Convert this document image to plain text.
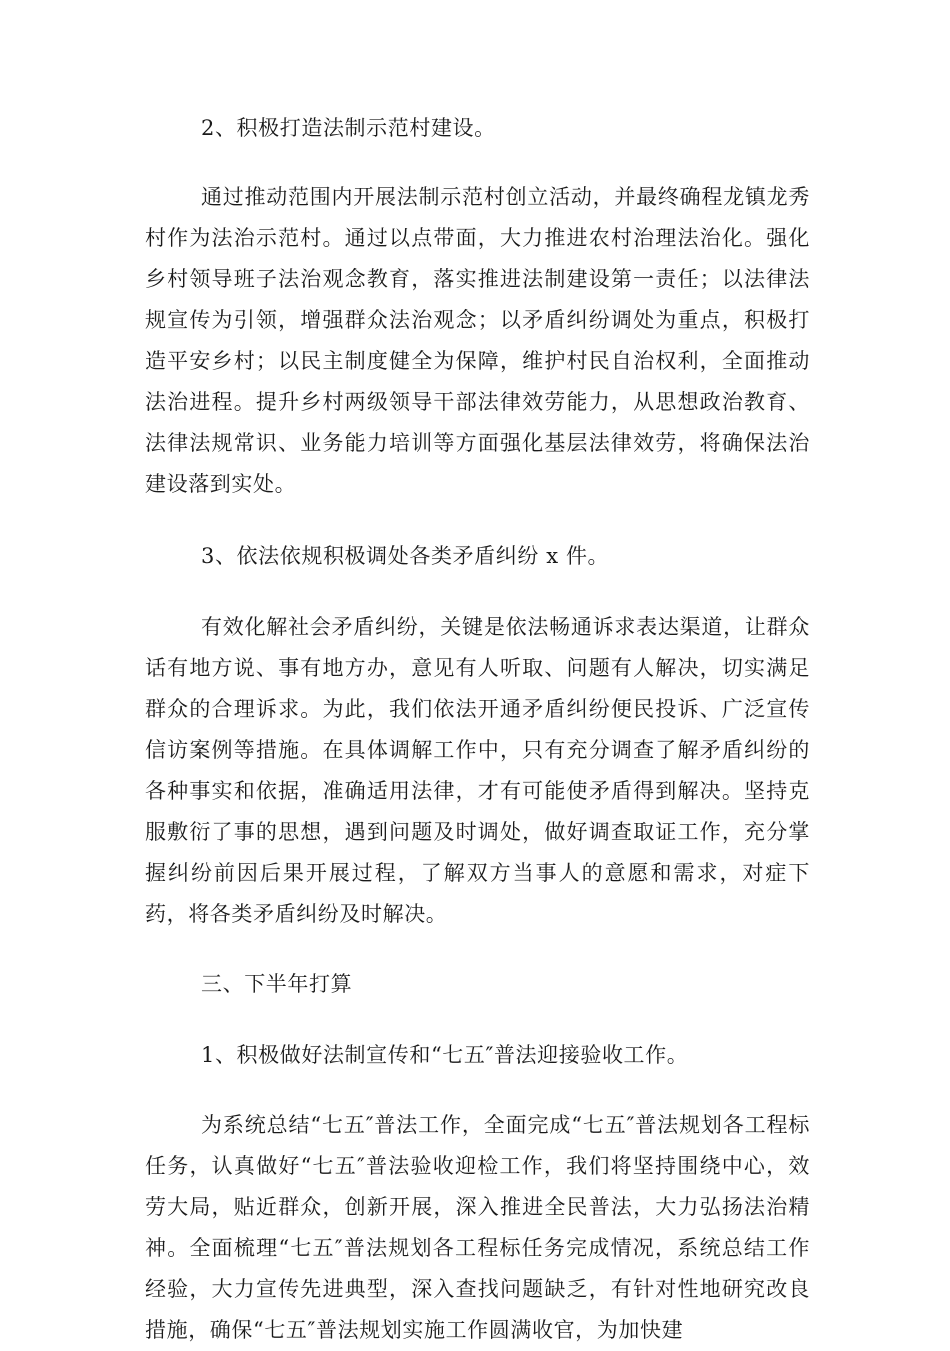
2、积极打造法制示范村建设。

通过推动范围内开展法制示范村创立活动，并最终确程龙镇龙秀村作为法治示范村。通过以点带面，大力推进农村治理法治化。强化乡村领导班子法治观念教育，落实推进法制建设第一责任；以法律法规宣传为引领，增强群众法治观念；以矛盾纠纷调处为重点，积极打造平安乡村；以民主制度健全为保障，维护村民自治权利，全面推动法治进程。提升乡村两级领导干部法律效劳能力，从思想政治教育、法律法规常识、业务能力培训等方面强化基层法律效劳，将确保法治建设落到实处。

3、依法依规积极调处各类矛盾纠纷 x 件。

有效化解社会矛盾纠纷，关键是依法畅通诉求表达渠道，让群众话有地方说、事有地方办，意见有人听取、问题有人解决，切实满足群众的合理诉求。为此，我们依法开通矛盾纠纷便民投诉、广泛宣传信访案例等措施。在具体调解工作中，只有充分调查了解矛盾纠纷的各种事实和依据，准确适用法律，才有可能使矛盾得到解决。坚持克服敷衍了事的思想，遇到问题及时调处，做好调查取证工作，充分掌握纠纷前因后果开展过程，了解双方当事人的意愿和需求，对症下药，将各类矛盾纠纷及时解决。

三、下半年打算

1、积极做好法制宣传和“七五″普法迎接验收工作。

为系统总结“七五″普法工作，全面完成“七五″普法规划各工程标任务，认真做好“七五″普法验收迎检工作，我们将坚持围绕中心，效劳大局，贴近群众，创新开展，深入推进全民普法，大力弘扬法治精神。全面梳理“七五″普法规划各工程标任务完成情况，系统总结工作经验，大力宣传先进典型，深入查找问题缺乏，有针对性地研究改良措施，确保“七五″普法规划实施工作圆满收官，为加快建
